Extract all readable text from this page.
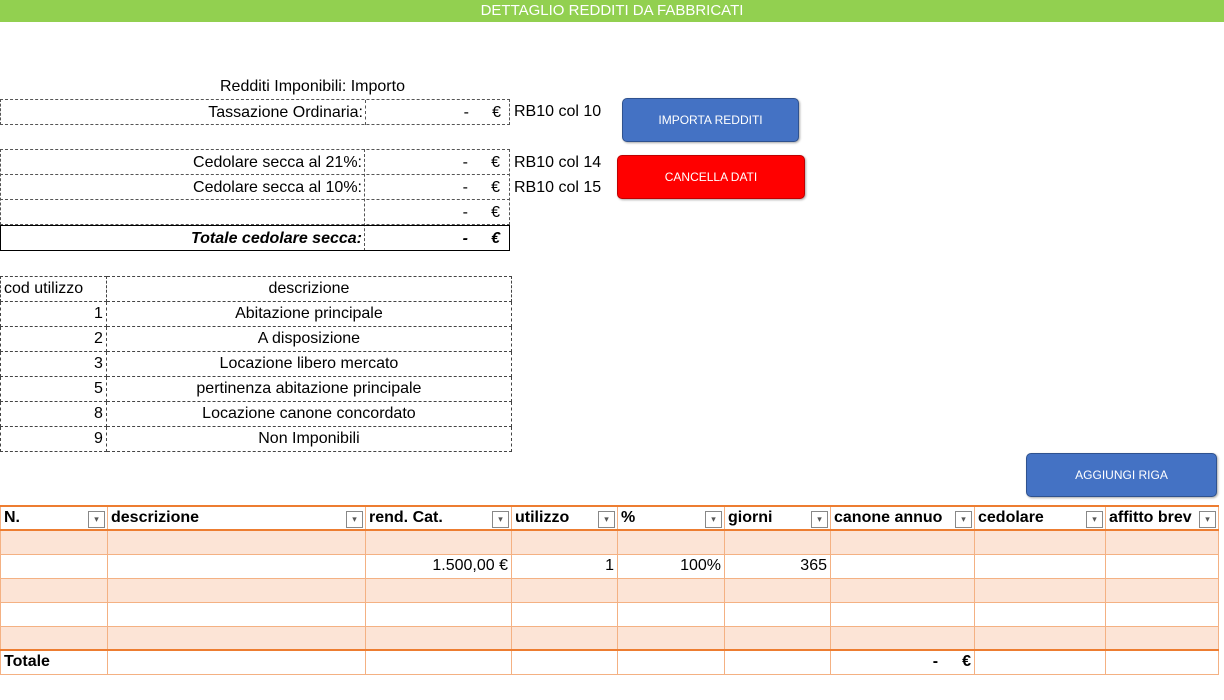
DETTAGLIO REDDITI DA FABBRICATI
Redditi Imponibili: Importo
Tassazione Ordinaria:	- € RB10 col 10
Cedolare secca al 21%:	- € RB10 col 14
Cedolare secca al 10%:	- € RB10 col 15
- €
Totale cedolare secca:	- €
IMPORTA REDDITI
CANCELLA DATI
AGGIUNGI RIGA
cod utilizzo	descrizione
1	Abitazione principale
2	A disposizione
3	Locazione libero mercato
5	pertinenza abitazione principale
8	Locazione canone concordato
9	Non Imponibili
N. ▾	descrizione ▾	rend. Cat. ▾	utilizzo ▾	% ▾	giorni ▾	canone annuo ▾	cedolare ▾	affitto brev ▾

		1.500,00 €	1	100%	365			

Totale						- €		
